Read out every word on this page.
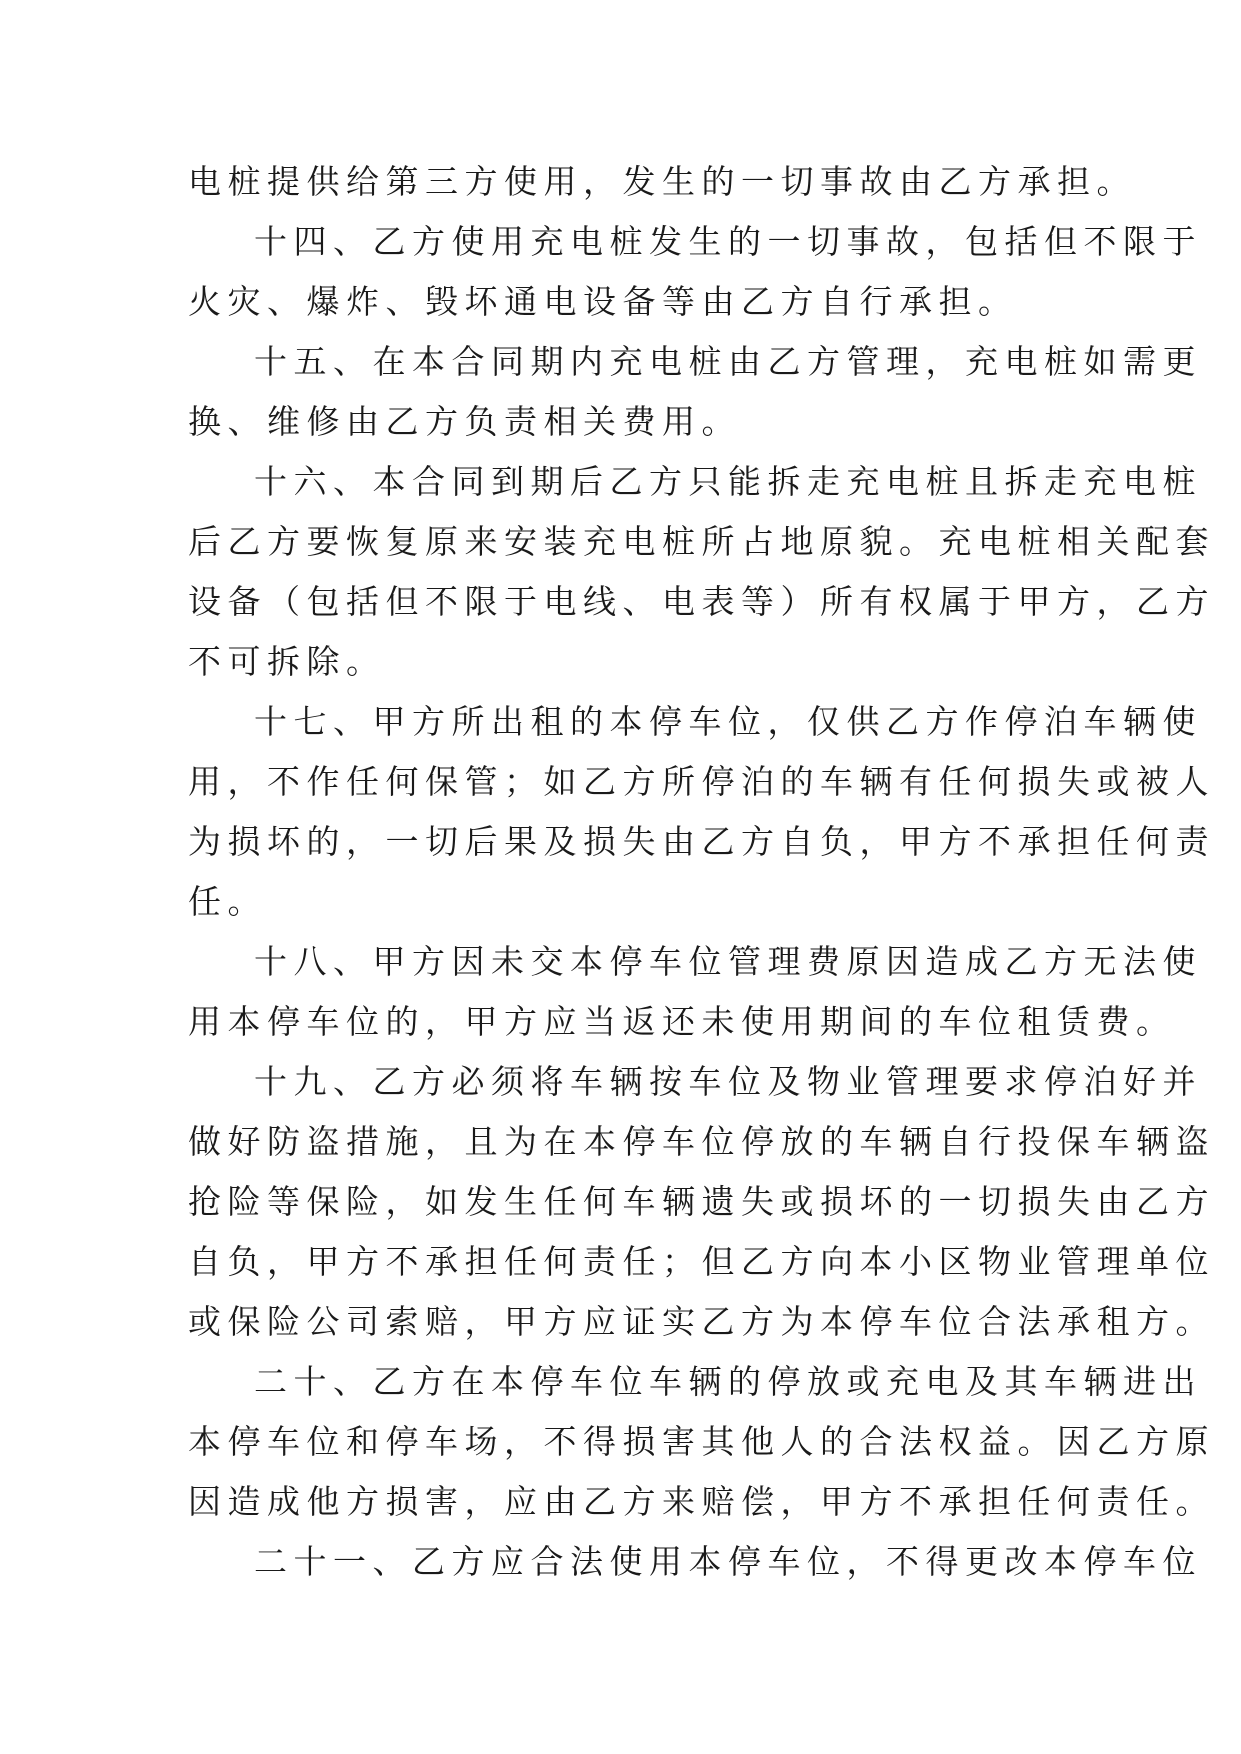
电桩提供给第三方使用，发生的一切事故由乙方承担。

十四、乙方使用充电桩发生的一切事故，包括但不限于
火灾、爆炸、毁坏通电设备等由乙方自行承担。

十五、在本合同期内充电桩由乙方管理，充电桩如需更
换、维修由乙方负责相关费用。

十六、本合同到期后乙方只能拆走充电桩且拆走充电桩
后乙方要恢复原来安装充电桩所占地原貌。充电桩相关配套
设备（包括但不限于电线、电表等）所有权属于甲方，乙方
不可拆除。

十七、甲方所出租的本停车位，仅供乙方作停泊车辆使
用，不作任何保管；如乙方所停泊的车辆有任何损失或被人
为损坏的，一切后果及损失由乙方自负，甲方不承担任何责
任。

十八、甲方因未交本停车位管理费原因造成乙方无法使
用本停车位的，甲方应当返还未使用期间的车位租赁费。

十九、乙方必须将车辆按车位及物业管理要求停泊好并
做好防盗措施，且为在本停车位停放的车辆自行投保车辆盗
抢险等保险，如发生任何车辆遗失或损坏的一切损失由乙方
自负，甲方不承担任何责任；但乙方向本小区物业管理单位
或保险公司索赔，甲方应证实乙方为本停车位合法承租方。

二十、乙方在本停车位车辆的停放或充电及其车辆进出
本停车位和停车场，不得损害其他人的合法权益。因乙方原
因造成他方损害，应由乙方来赔偿，甲方不承担任何责任。

二十一、乙方应合法使用本停车位，不得更改本停车位
